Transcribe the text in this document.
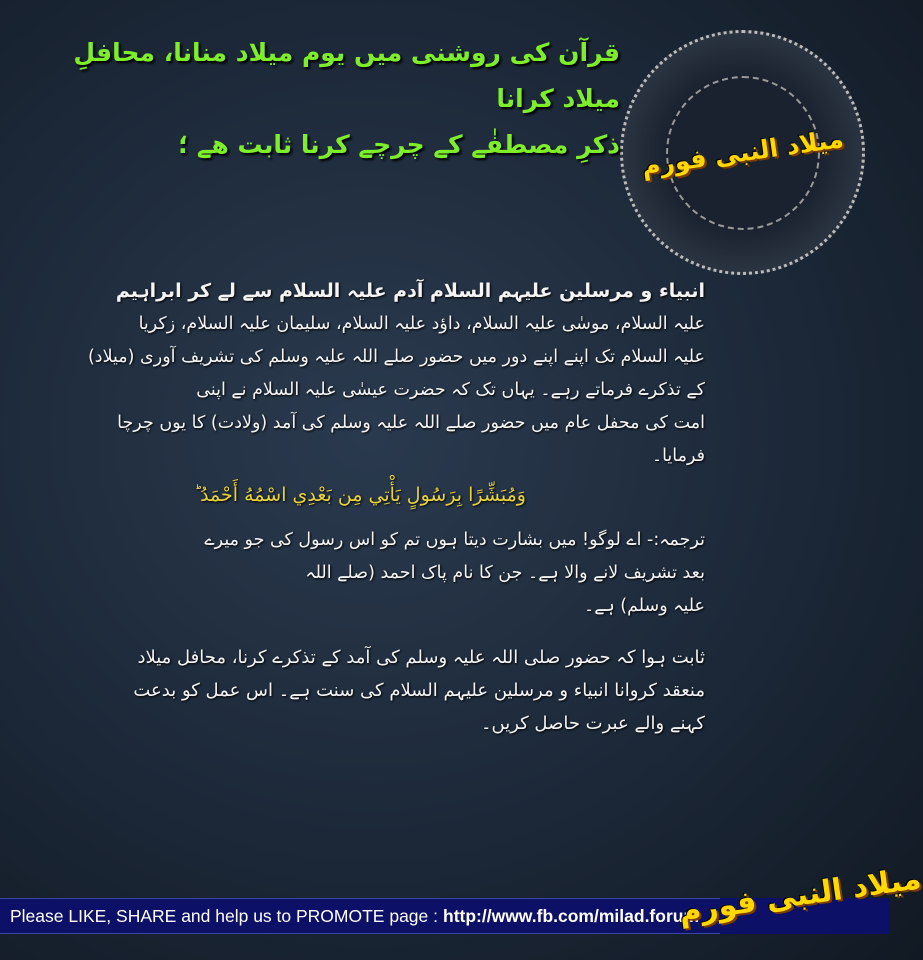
میلاد النبی فورم
قرآن کی روشنی میں یوم میلاد منانا، محافلِ میلاد کرانا
ذکرِ مصطفٰے کے چرچے کرنا ثابت ھے ؛
انبیاء و مرسلین علیہم السلام آدم علیہ السلام سے لے کر ابراہیم
علیہ السلام، موسٰی علیہ السلام، داؤد علیہ السلام، سلیمان علیہ السلام، زکریا
علیہ السلام تک اپنے اپنے دور میں حضور صلے اللہ علیہ وسلم کی تشریف آوری (میلاد)
کے تذکرے فرماتے رہے۔ یہاں تک کہ حضرت عیسٰی علیہ السلام نے اپنی
امت کی محفل عام میں حضور صلے اللہ علیہ وسلم کی آمد (ولادت) کا یوں چرچا
فرمایا۔
وَمُبَشِّرًا بِرَسُولٍ يَأْتِي مِن بَعْدِي اسْمُهُ أَحْمَدُ ؕ
ترجمہ:- اے لوگو! میں بشارت دیتا ہوں تم کو اس رسول کی جو میرے
بعد تشریف لانے والا ہے۔ جن کا نام پاک احمد (صلے اللہ
علیہ وسلم) ہے۔
ثابت ہوا کہ حضور صلی اللہ علیہ وسلم کی آمد کے تذکرے کرنا، محافل میلاد
منعقد کروانا انبیاء و مرسلین علیہم السلام کی سنت ہے۔ اس عمل کو بدعت
کہنے والے عبرت حاصل کریں۔
Please LIKE, SHARE and help us to PROMOTE page : http://www.fb.com/milad.forum
میلاد النبی فورم
